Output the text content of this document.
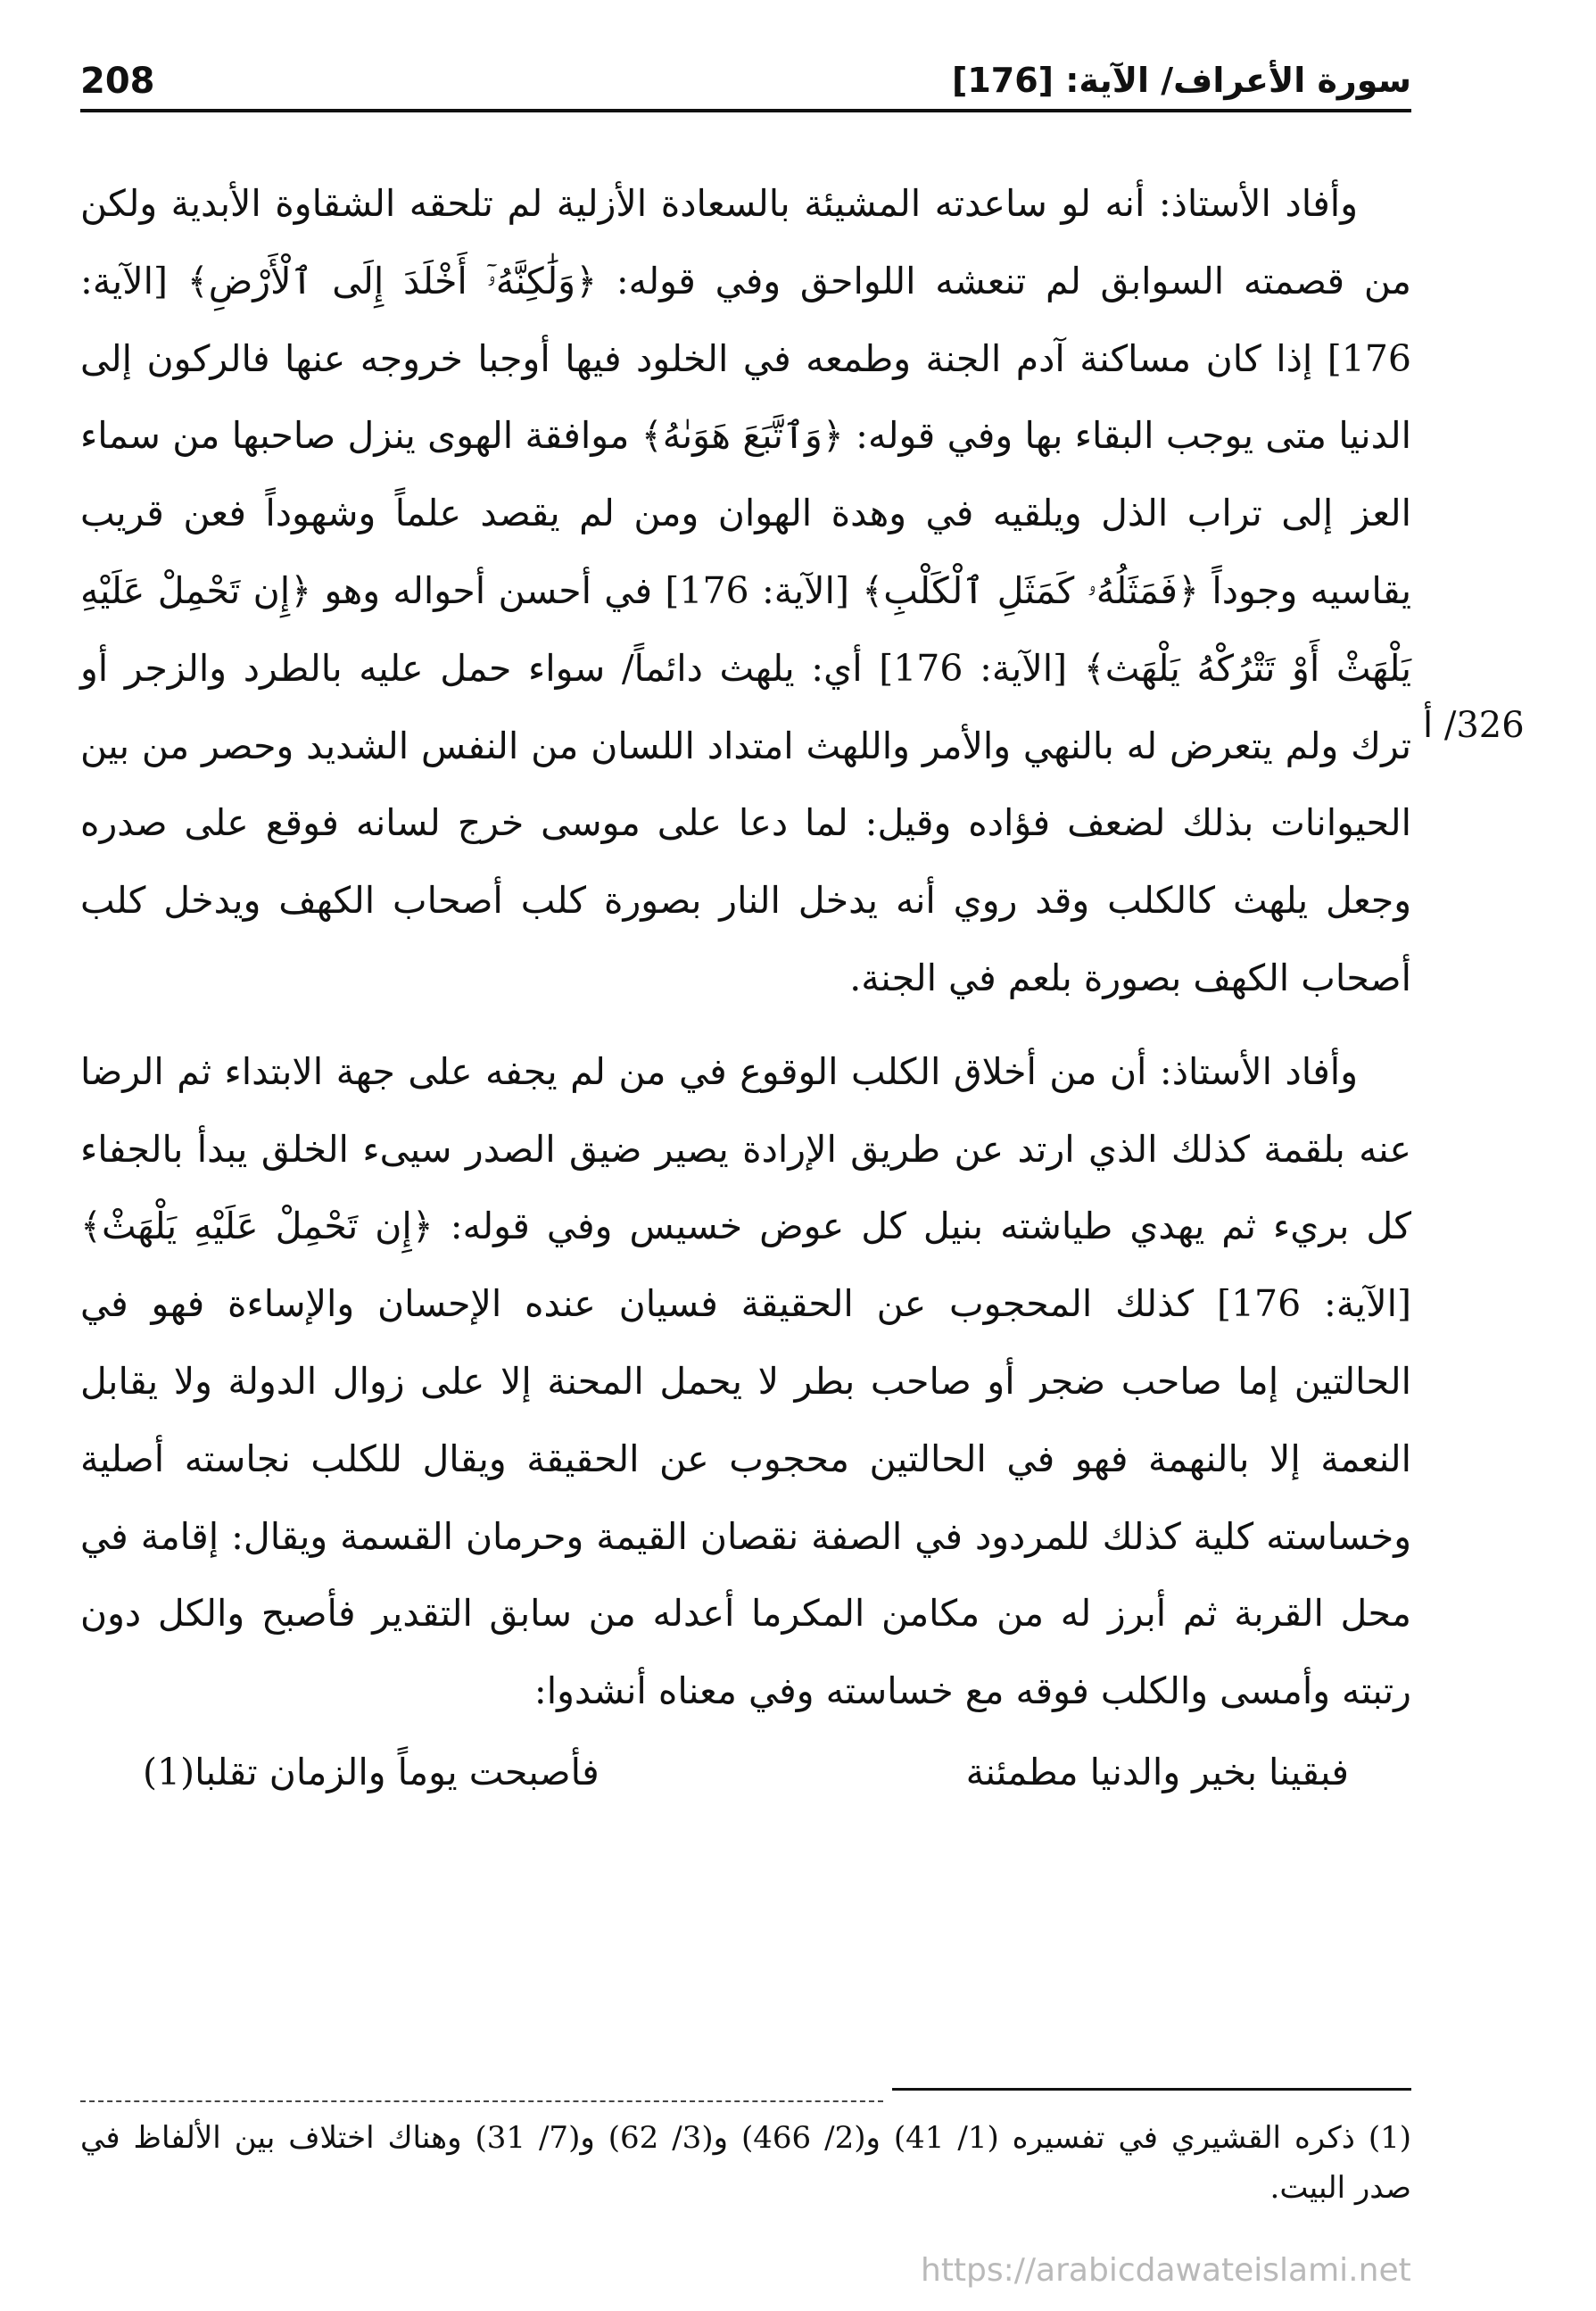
208	سورة الأعراف/ الآية: [176]
326/ أ

وأفاد الأستاذ: أنه لو ساعدته المشيئة بالسعادة الأزلية لم تلحقه الشقاوة الأبدية ولكن من قصمته السوابق لم تنعشه اللواحق وفي قوله: ﴿وَلَٰكِنَّهُۥٓ أَخْلَدَ إِلَى ٱلْأَرْضِ﴾ [الآية: 176] إذا كان مساكنة آدم الجنة وطمعه في الخلود فيها أوجبا خروجه عنها فالركون إلى الدنيا متى يوجب البقاء بها وفي قوله: ﴿وَٱتَّبَعَ هَوَىٰهُ﴾ موافقة الهوى ينزل صاحبها من سماء العز إلى تراب الذل ويلقيه في وهدة الهوان ومن لم يقصد علماً وشهوداً فعن قريب يقاسيه وجوداً ﴿فَمَثَلُهُۥ كَمَثَلِ ٱلْكَلْبِ﴾ [الآية: 176] في أحسن أحواله وهو ﴿إِن تَحْمِلْ عَلَيْهِ يَلْهَثْ أَوْ تَتْرُكْهُ يَلْهَث﴾ [الآية: 176] أي: يلهث دائماً/ سواء حمل عليه بالطرد والزجر أو ترك ولم يتعرض له بالنهي والأمر واللهث امتداد اللسان من النفس الشديد وحصر من بين الحيوانات بذلك لضعف فؤاده وقيل: لما دعا على موسى خرج لسانه فوقع على صدره وجعل يلهث كالكلب وقد روي أنه يدخل النار بصورة كلب أصحاب الكهف ويدخل كلب أصحاب الكهف بصورة بلعم في الجنة.

وأفاد الأستاذ: أن من أخلاق الكلب الوقوع في من لم يجفه على جهة الابتداء ثم الرضا عنه بلقمة كذلك الذي ارتد عن طريق الإرادة يصير ضيق الصدر سيىء الخلق يبدأ بالجفاء كل بريء ثم يهدي طياشته بنيل كل عوض خسيس وفي قوله: ﴿إِن تَحْمِلْ عَلَيْهِ يَلْهَثْ﴾ [الآية: 176] كذلك المحجوب عن الحقيقة فسيان عنده الإحسان والإساءة فهو في الحالتين إما صاحب ضجر أو صاحب بطر لا يحمل المحنة إلا على زوال الدولة ولا يقابل النعمة إلا بالنهمة فهو في الحالتين محجوب عن الحقيقة ويقال للكلب نجاسته أصلية وخساسته كلية كذلك للمردود في الصفة نقصان القيمة وحرمان القسمة ويقال: إقامة في محل القربة ثم أبرز له من مكامن المكرما أعدله من سابق التقدير فأصبح والكل دون رتبته وأمسى والكلب فوقه مع خساسته وفي معناه أنشدوا:

فبقينا بخير والدنيا مطمئنة
فأصبحت يوماً والزمان تقلبا(1)

(1) ذكره القشيري في تفسيره (1/ 41) و(2/ 466) و(3/ 62) و(7/ 31) وهناك اختلاف بين الألفاظ في صدر البيت.

https://arabicdawateislami.net
